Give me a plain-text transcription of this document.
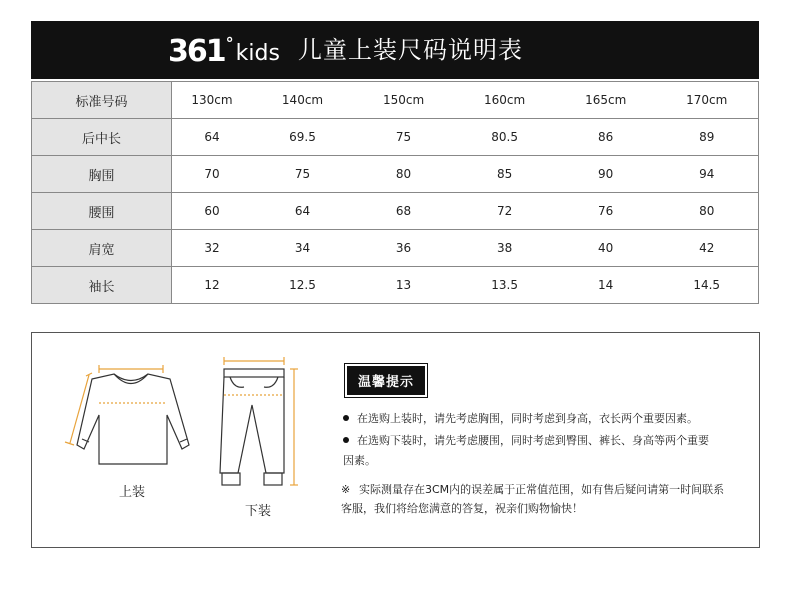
361 ° kids 儿童上装尺码说明表
标准号码	130cm	140cm	150cm	160cm	165cm	170cm	
后中长	64	69.5	75	80.5	86	89	
胸围	70	75	80	85	90	94	
腰围	60	64	68	72	76	80	
肩宽	32	34	36	38	40	42	
袖长	12	12.5	13	13.5	14	14.5	
上装
下装
温馨提示
在选购上装时，请先考虑胸围，同时考虑到身高，衣长两个重要因素。
在选购下装时，请先考虑腰围，同时考虑到臀围、裤长、身高等两个重要因素。
※ 实际测量存在3CM内的误差属于正常值范围，如有售后疑问请第一时间联系客服，我们将给您满意的答复，祝亲们购物愉快！
